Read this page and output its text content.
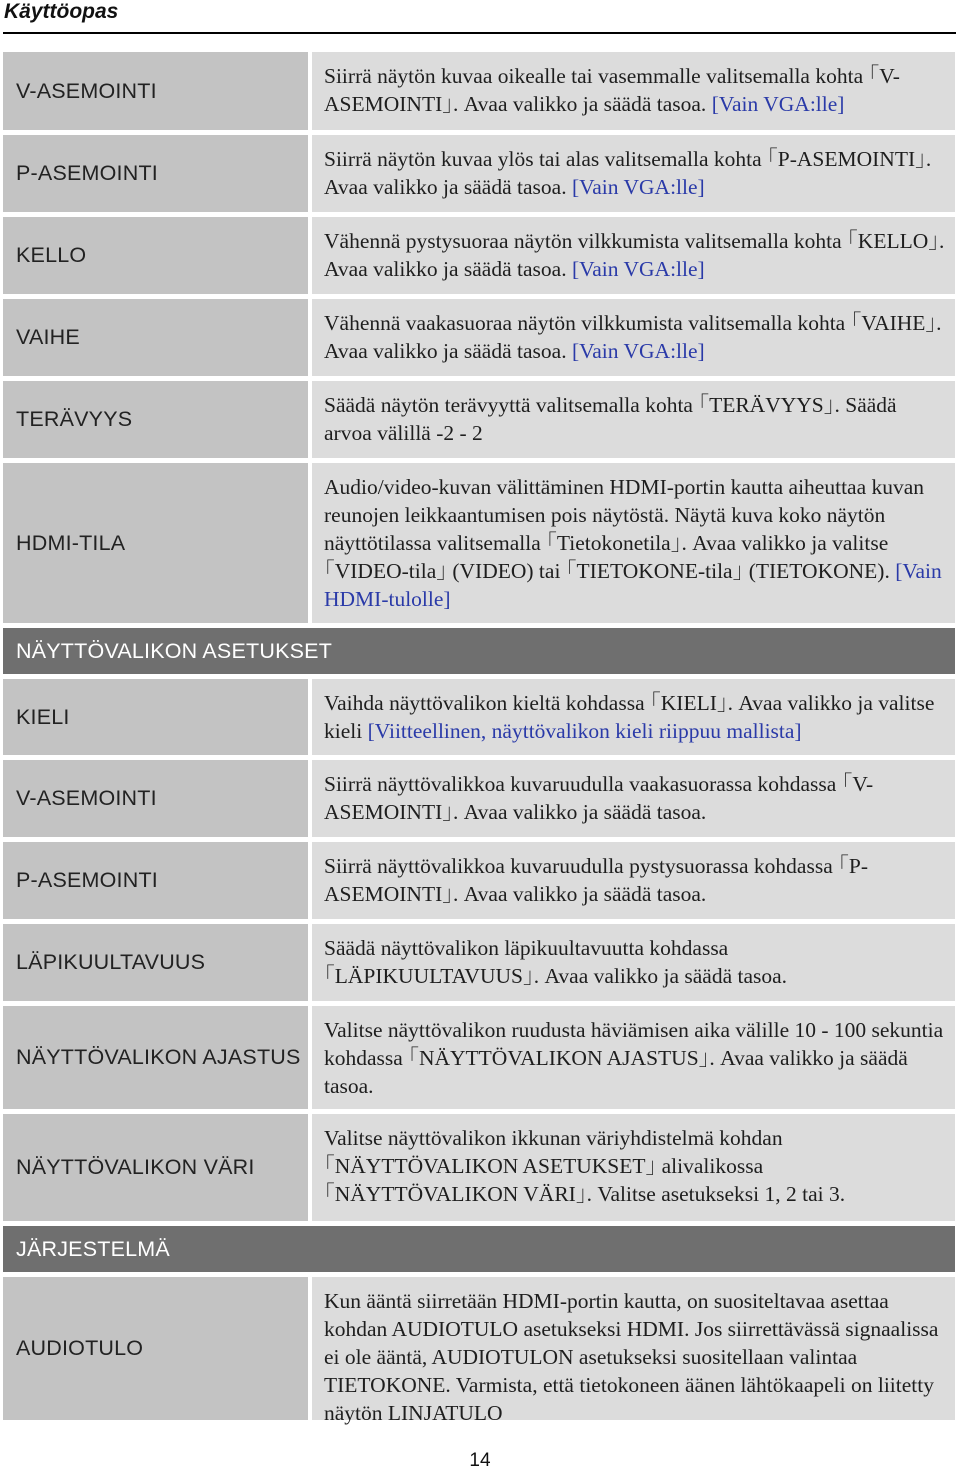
Käyttöopas
V-ASEMOINTI
Siirrä näytön kuvaa oikealle tai vasemmalle valitsemalla kohta ｢V-ASEMOINTI｣. Avaa valikko ja säädä tasoa. [Vain VGA:lle]
P-ASEMOINTI
Siirrä näytön kuvaa ylös tai alas valitsemalla kohta ｢P-ASEMOINTI｣. Avaa valikko ja säädä tasoa. [Vain VGA:lle]
KELLO
Vähennä pystysuoraa näytön vilkkumista valitsemalla kohta ｢KELLO｣. Avaa valikko ja säädä tasoa. [Vain VGA:lle]
VAIHE
Vähennä vaakasuoraa näytön vilkkumista valitsemalla kohta ｢VAIHE｣. Avaa valikko ja säädä tasoa. [Vain VGA:lle]
TERÄVYYS
Säädä näytön terävyyttä valitsemalla kohta ｢TERÄVYYS｣. Säädä arvoa välillä -2 - 2
HDMI-TILA
Audio/video-kuvan välittäminen HDMI-portin kautta aiheuttaa kuvan reunojen leikkaantumisen pois näytöstä. Näytä kuva koko näytön näyttötilassa valitsemalla ｢Tietokonetila｣. Avaa valikko ja valitse ｢VIDEO-tila｣ (VIDEO) tai ｢TIETOKONE-tila｣ (TIETOKONE). [Vain HDMI-tulolle]
NÄYTTÖVALIKON ASETUKSET
KIELI
Vaihda näyttövalikon kieltä kohdassa ｢KIELI｣. Avaa valikko ja valitse kieli [Viitteellinen, näyttövalikon kieli riippuu mallista]
V-ASEMOINTI
Siirrä näyttövalikkoa kuvaruudulla vaakasuorassa kohdassa ｢V-ASEMOINTI｣. Avaa valikko ja säädä tasoa.
P-ASEMOINTI
Siirrä näyttövalikkoa kuvaruudulla pystysuorassa kohdassa ｢P-ASEMOINTI｣. Avaa valikko ja säädä tasoa.
LÄPIKUULTAVUUS
Säädä näyttövalikon läpikuultavuutta kohdassa ｢LÄPIKUULTAVUUS｣. Avaa valikko ja säädä tasoa.
NÄYTTÖVALIKON AJASTUS
Valitse näyttövalikon ruudusta häviämisen aika välille 10 - 100 sekuntia kohdassa ｢NÄYTTÖVALIKON AJASTUS｣. Avaa valikko ja säädä tasoa.
NÄYTTÖVALIKON VÄRI
Valitse näyttövalikon ikkunan väriyhdistelmä kohdan ｢NÄYTTÖVALIKON ASETUKSET｣ alivalikossa ｢NÄYTTÖVALIKON VÄRI｣. Valitse asetukseksi 1, 2 tai 3.
JÄRJESTELMÄ
AUDIOTULO
Kun ääntä siirretään HDMI-portin kautta, on suositeltavaa asettaa kohdan AUDIOTULO asetukseksi HDMI. Jos siirrettävässä signaalissa ei ole ääntä, AUDIOTULON asetukseksi suositellaan valintaa TIETOKONE. Varmista, että tietokoneen äänen lähtökaapeli on liitetty näytön LINJATULO
14
